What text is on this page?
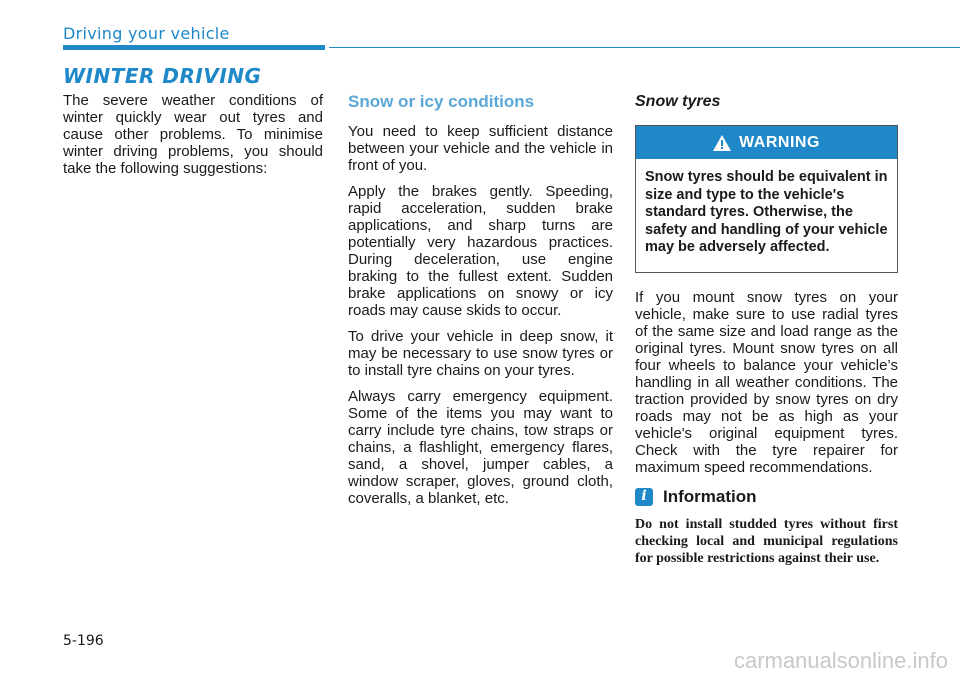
Driving your vehicle
WINTER DRIVING

The severe weather conditions of winter quickly wear out tyres and cause other problems. To minimise winter driving problems, you should take the following suggestions:

Snow or icy conditions

You need to keep sufficient distance between your vehicle and the vehicle in front of you.

Apply the brakes gently. Speeding, rapid acceleration, sudden brake applications, and sharp turns are potentially very hazardous practices. During deceleration, use engine braking to the fullest extent. Sudden brake applications on snowy or icy roads may cause skids to occur.

To drive your vehicle in deep snow, it may be necessary to use snow tyres or to install tyre chains on your tyres.

Always carry emergency equipment. Some of the items you may want to carry include tyre chains, tow straps or chains, a flashlight, emergency flares, sand, a shovel, jumper cables, a window scraper, gloves, ground cloth, coveralls, a blanket, etc.

Snow tyres
WARNING
Snow tyres should be equivalent in size and type to the vehicle's standard tyres. Otherwise, the safety and handling of your vehicle may be adversely affected.

If you mount snow tyres on your vehicle, make sure to use radial tyres of the same size and load range as the original tyres. Mount snow tyres on all four wheels to balance your vehicle’s handling in all weather conditions. The traction provided by snow tyres on dry roads may not be as high as your vehicle's original equipment tyres. Check with the tyre repairer for maximum speed recommendations.

i Information
Do not install studded tyres without first checking local and municipal regulations for possible restrictions against their use.
5-196
carmanualsonline.info
